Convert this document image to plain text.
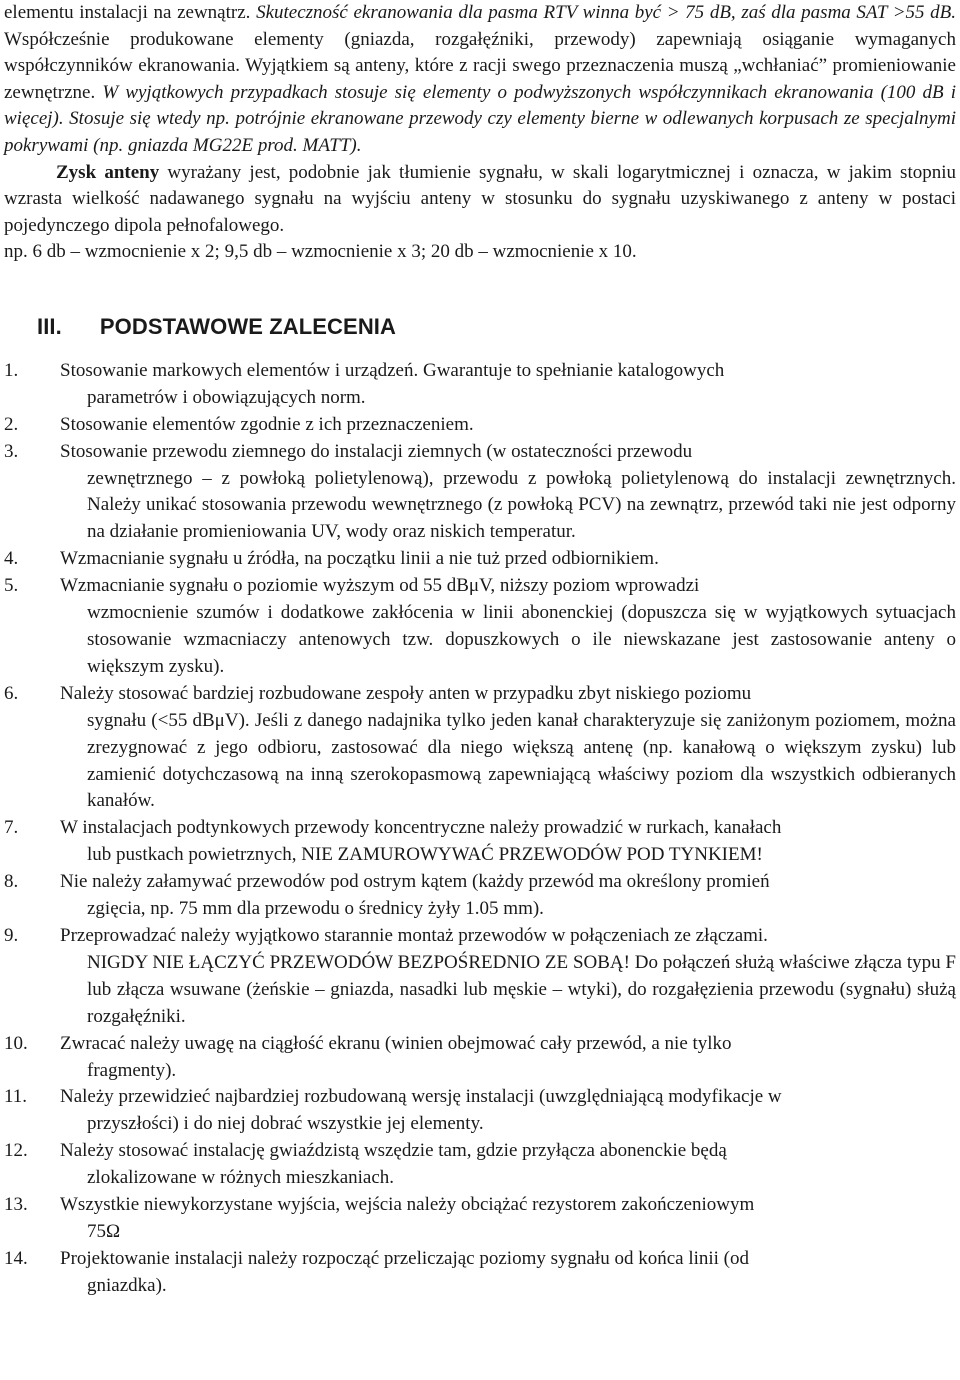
elementu instalacji na zewnątrz. Skuteczność ekranowania dla pasma RTV winna być > 75 dB, zaś dla pasma SAT >55 dB. Współcześnie produkowane elementy (gniazda, rozgałęźniki, przewody) zapewniają osiąganie wymaganych współczynników ekranowania. Wyjątkiem są anteny, które z racji swego przeznaczenia muszą „wchłaniać” promieniowanie zewnętrzne. W wyjątkowych przypadkach stosuje się elementy o podwyższonych współczynnikach ekranowania (100 dB i więcej). Stosuje się wtedy np. potrójnie ekranowane przewody czy elementy bierne w odlewanych korpusach ze specjalnymi pokrywami (np. gniazda MG22E prod. MATT).

Zysk anteny wyrażany jest, podobnie jak tłumienie sygnału, w skali logarytmicznej i oznacza, w jakim stopniu wzrasta wielkość nadawanego sygnału na wyjściu anteny w stosunku do sygnału uzyskiwanego z anteny w postaci pojedynczego dipola pełnofalowego.

np. 6 db – wzmocnienie x 2; 9,5 db – wzmocnienie x 3; 20 db – wzmocnienie x 10.

III. PODSTAWOWE ZALECENIA
1.	Stosowanie markowych elementów i urządzeń. Gwarantuje to spełnianie katalogowych
parametrów i obowiązujących norm.
2.	Stosowanie elementów zgodnie z ich przeznaczeniem.
3.	Stosowanie przewodu ziemnego do instalacji ziemnych (w ostateczności przewodu
zewnętrznego – z powłoką polietylenową), przewodu z powłoką polietylenową do instalacji zewnętrznych. Należy unikać stosowania przewodu wewnętrznego (z powłoką PCV) na zewnątrz, przewód taki nie jest odporny na działanie promieniowania UV, wody oraz niskich temperatur.
4.	Wzmacnianie sygnału u źródła, na początku linii a nie tuż przed odbiornikiem.
5.	Wzmacnianie sygnału o poziomie wyższym od 55 dBμV, niższy poziom wprowadzi
wzmocnienie szumów i dodatkowe zakłócenia w linii abonenckiej (dopuszcza się w wyjątkowych sytuacjach stosowanie wzmacniaczy antenowych tzw. dopuszkowych o ile niewskazane jest zastosowanie anteny o większym zysku).
6.	Należy stosować bardziej rozbudowane zespoły anten w przypadku zbyt niskiego poziomu
sygnału (<55 dBμV). Jeśli z danego nadajnika tylko jeden kanał charakteryzuje się zaniżonym poziomem, można zrezygnować z jego odbioru, zastosować dla niego większą antenę (np. kanałową o większym zysku) lub zamienić dotychczasową na inną szerokopasmową zapewniającą właściwy poziom dla wszystkich odbieranych kanałów.
7.	W instalacjach podtynkowych przewody koncentryczne należy prowadzić w rurkach, kanałach
lub pustkach powietrznych, NIE ZAMUROWYWAĆ PRZEWODÓW POD TYNKIEM!
8.	Nie należy załamywać przewodów pod ostrym kątem (każdy przewód ma określony promień
zgięcia, np. 75 mm dla przewodu o średnicy żyły 1.05 mm).
9.	Przeprowadzać należy wyjątkowo starannie montaż przewodów w połączeniach ze złączami.
NIGDY NIE ŁĄCZYĆ PRZEWODÓW BEZPOŚREDNIO ZE SOBĄ! Do połączeń służą właściwe złącza typu F lub złącza wsuwane (żeńskie – gniazda, nasadki lub męskie – wtyki), do rozgałęzienia przewodu (sygnału) służą rozgałęźniki.
10.	Zwracać należy uwagę na ciągłość ekranu (winien obejmować cały przewód, a nie tylko
fragmenty).
11.	Należy przewidzieć najbardziej rozbudowaną wersję instalacji (uwzględniającą modyfikacje w
przyszłości) i do niej dobrać wszystkie jej elementy.
12.	Należy stosować instalację gwiaździstą wszędzie tam, gdzie przyłącza abonenckie będą
zlokalizowane w różnych mieszkaniach.
13.	Wszystkie niewykorzystane wyjścia, wejścia należy obciążać rezystorem zakończeniowym
75Ω
14.	Projektowanie instalacji należy rozpocząć przeliczając poziomy sygnału od końca linii (od
gniazdka).
